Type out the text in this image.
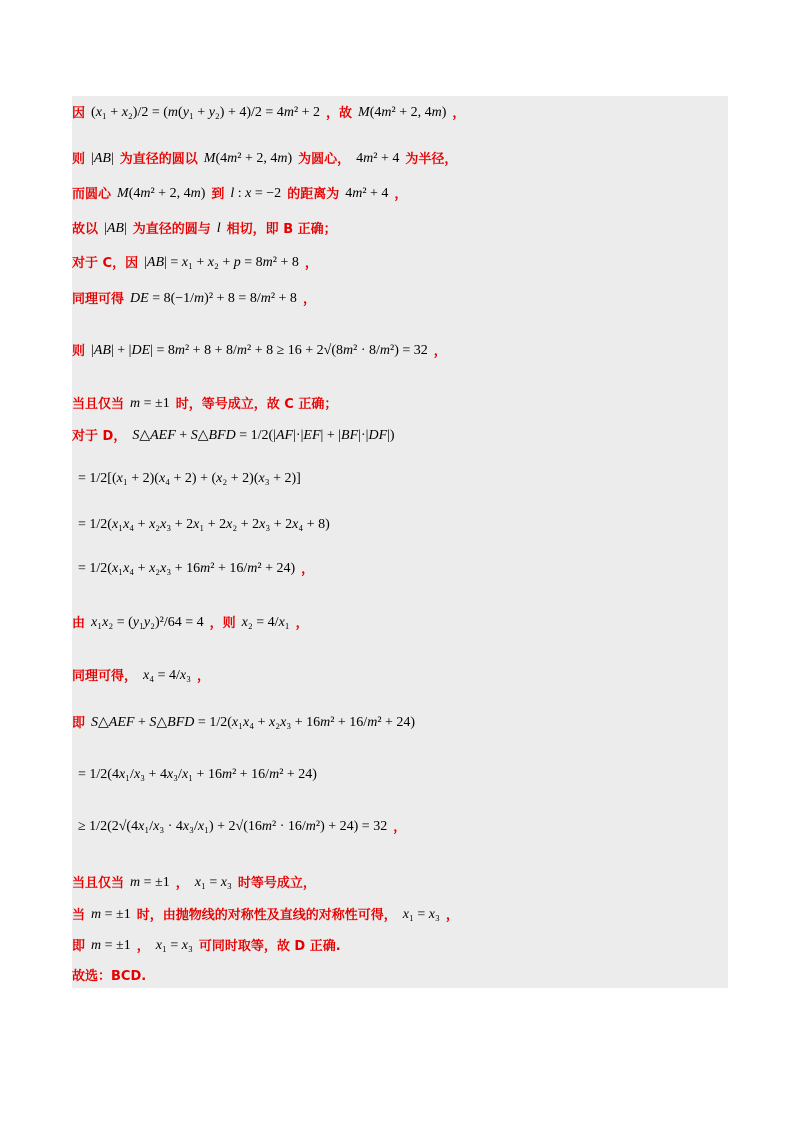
因 (x₁ + x₂)/2 = (m(y₁ + y₂) + 4)/2 = 4m² + 2 ，故 M(4m² + 2, 4m) ，
则 |AB| 为直径的圆以 M(4m² + 2, 4m) 为圆心， 4m² + 4 为半径，
而圆心 M(4m² + 2, 4m) 到 l : x = −2 的距离为 4m² + 4 ，
故以 |AB| 为直径的圆与 l 相切，即 B 正确；
对于 C，因 |AB| = x₁ + x₂ + p = 8m² + 8 ，
同理可得 DE = 8(−1/m)² + 8 = 8/m² + 8 ，
则 |AB| + |DE| = 8m² + 8 + 8/m² + 8 ≥ 16 + 2√(8m² · 8/m²) = 32 ，
当且仅当 m = ±1 时，等号成立，故 C 正确；
对于 D， S△AEF + S△BFD = 1/2(|AF|·|EF| + |BF|·|DF|)
= 1/2[(x₁ + 2)(x₄ + 2) + (x₂ + 2)(x₃ + 2)]
= 1/2(x₁x₄ + x₂x₃ + 2x₁ + 2x₂ + 2x₃ + 2x₄ + 8)
= 1/2(x₁x₄ + x₂x₃ + 16m² + 16/m² + 24) ，
由 x₁x₂ = (y₁y₂)²/64 = 4 ，则 x₂ = 4/x₁ ，
同理可得， x₄ = 4/x₃ ，
即 S△AEF + S△BFD = 1/2(x₁x₄ + x₂x₃ + 16m² + 16/m² + 24)
= 1/2(4x₁/x₃ + 4x₃/x₁ + 16m² + 16/m² + 24)
≥ 1/2(2√(4x₁/x₃ · 4x₃/x₁) + 2√(16m² · 16/m²) + 24) = 32 ，
当且仅当 m = ±1 ， x₁ = x₃ 时等号成立，
当 m = ±1 时，由抛物线的对称性及直线的对称性可得， x₁ = x₃ ，
即 m = ±1 ， x₁ = x₃ 可同时取等，故 D 正确.
故选：BCD.
